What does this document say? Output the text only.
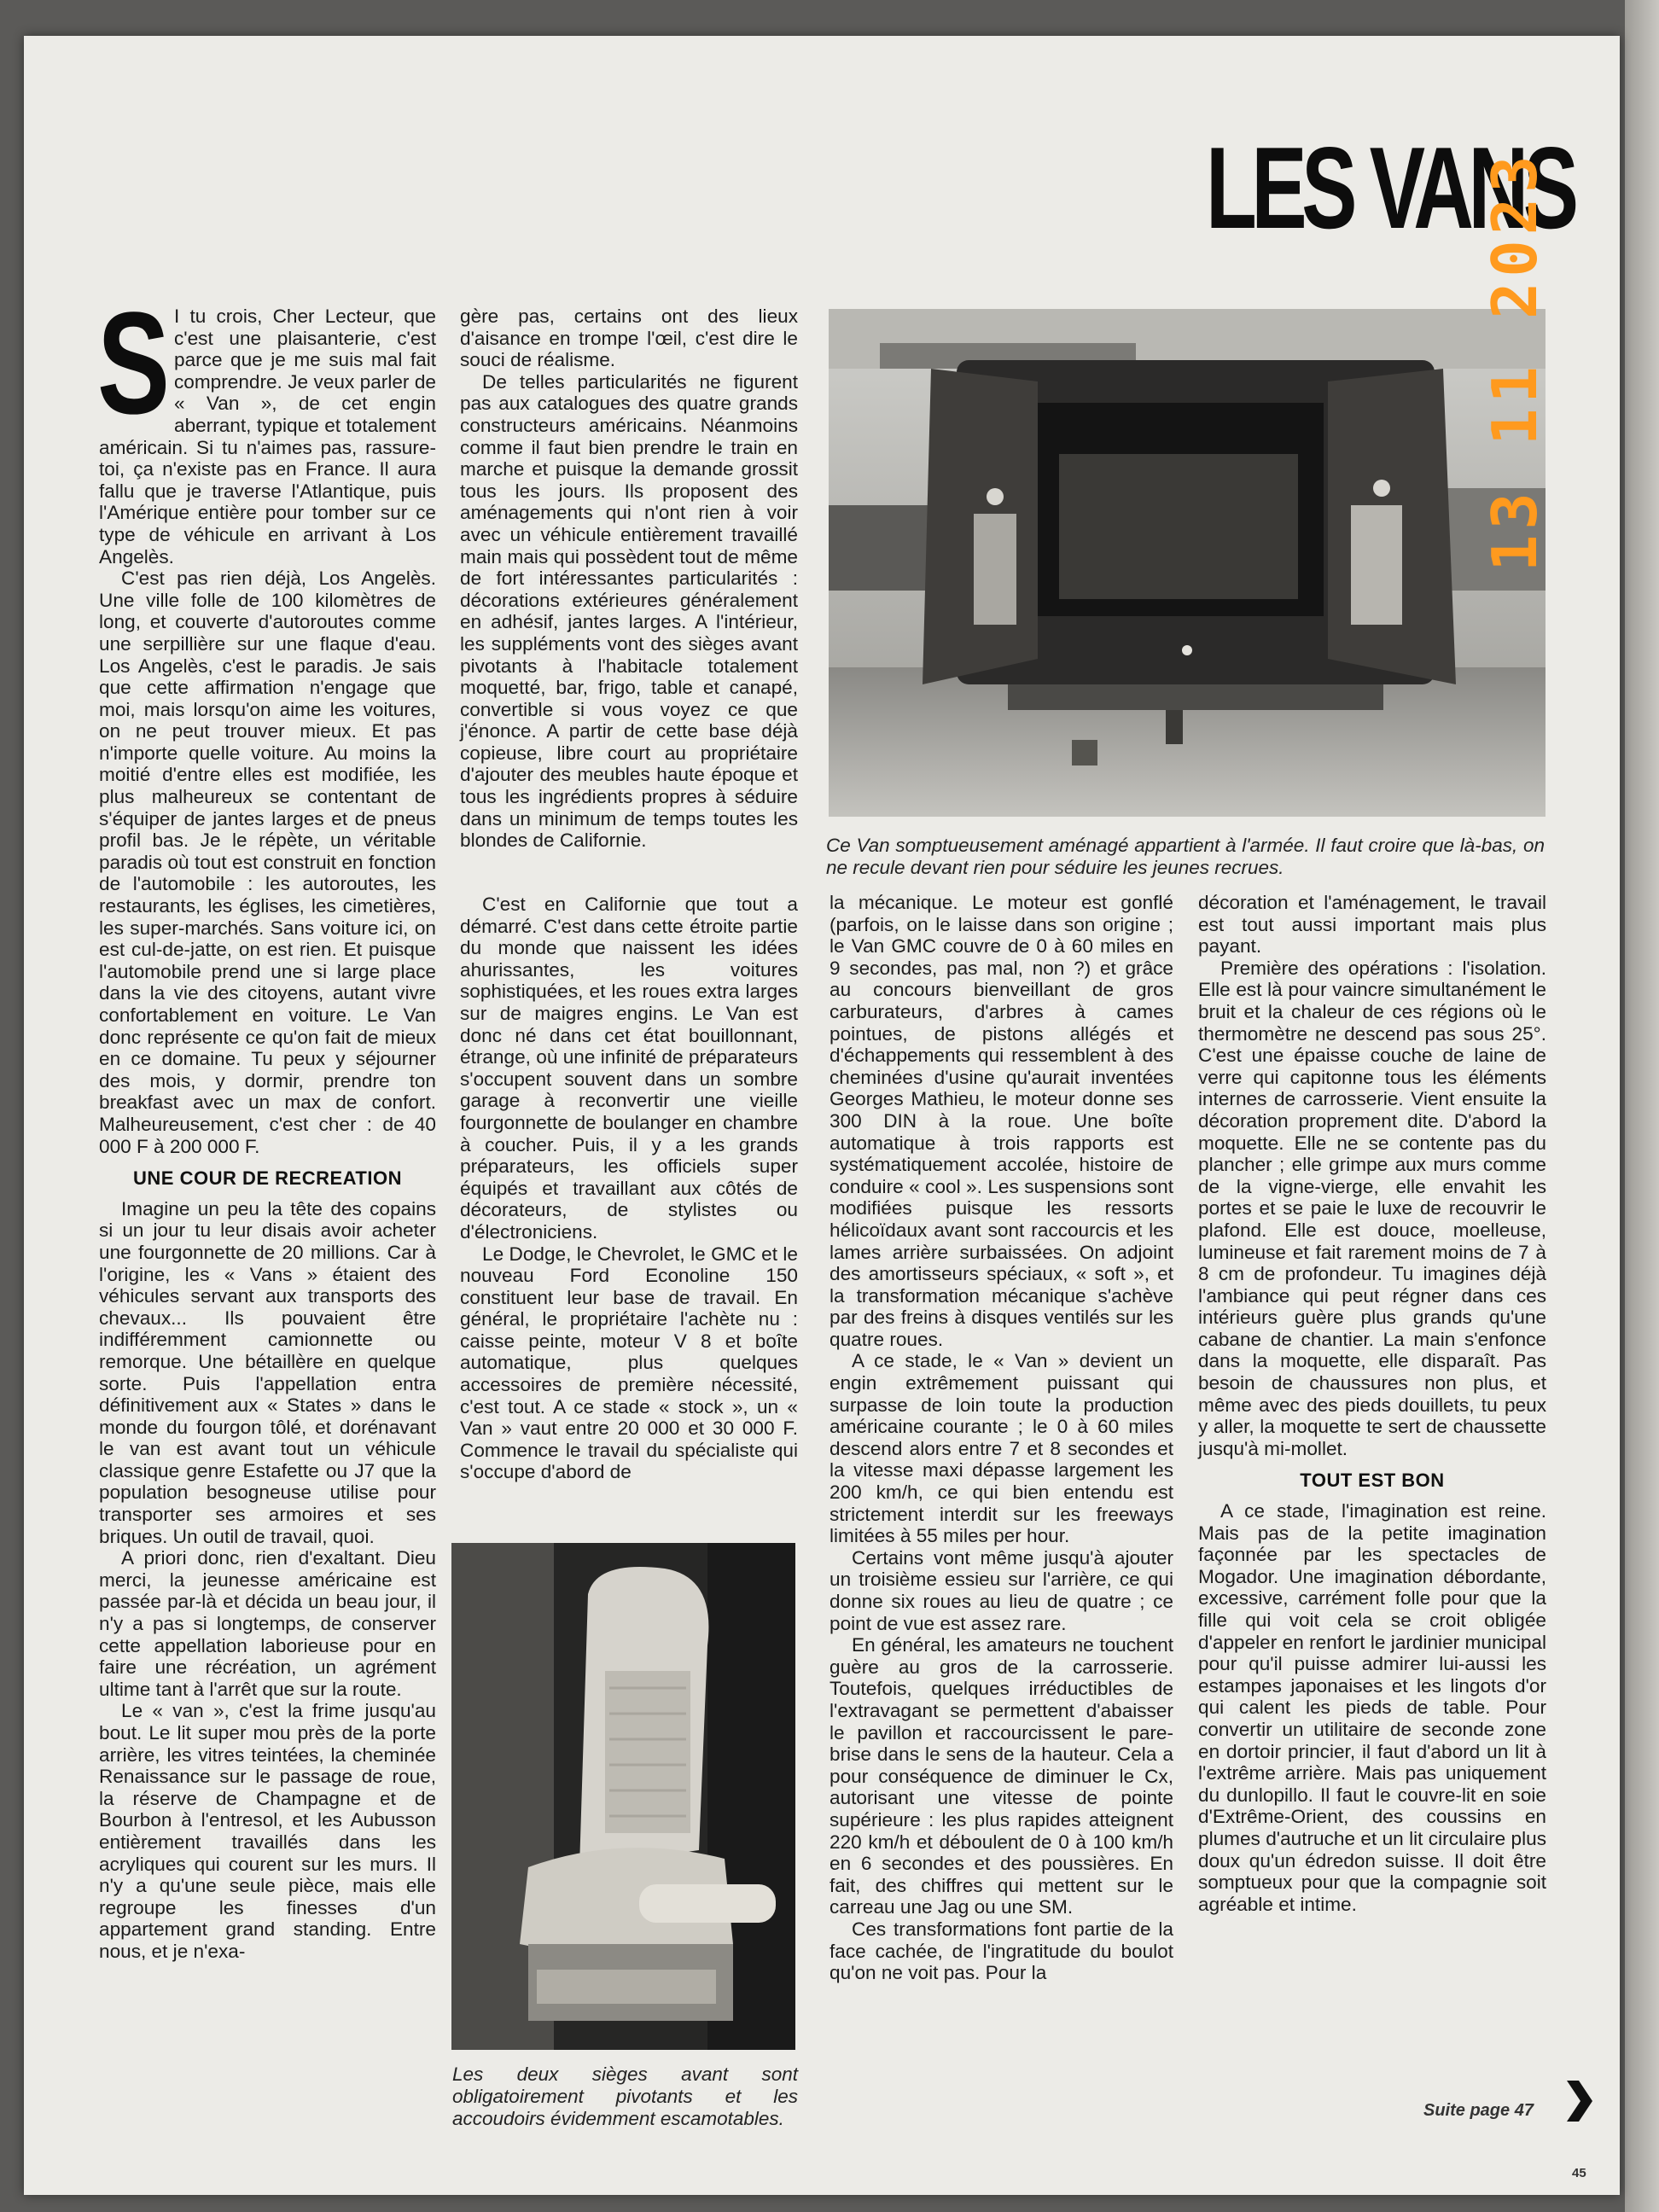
LES VANS
S I tu crois, Cher Lecteur, que c'est une plaisanterie, c'est parce que je me suis mal fait comprendre. Je veux parler de « Van », de cet engin aberrant, typique et totalement américain. Si tu n'aimes pas, rassure-toi, ça n'existe pas en France. Il aura fallu que je traverse l'Atlantique, puis l'Amérique entière pour tomber sur ce type de véhicule en arrivant à Los Angelès.

C'est pas rien déjà, Los Angelès. Une ville folle de 100 kilomètres de long, et couverte d'autoroutes comme une serpillière sur une flaque d'eau. Los Angelès, c'est le paradis. Je sais que cette affirmation n'engage que moi, mais lorsqu'on aime les voitures, on ne peut trouver mieux. Et pas n'importe quelle voiture. Au moins la moitié d'entre elles est modifiée, les plus malheureux se contentant de s'équiper de jantes larges et de pneus profil bas. Je le répète, un véritable paradis où tout est construit en fonction de l'automobile : les autoroutes, les restaurants, les églises, les cimetières, les super-marchés. Sans voiture ici, on est cul-de-jatte, on est rien. Et puisque l'automobile prend une si large place dans la vie des citoyens, autant vivre confortablement en voiture. Le Van donc représente ce qu'on fait de mieux en ce domaine. Tu peux y séjourner des mois, y dormir, prendre ton breakfast avec un max de confort. Malheureusement, c'est cher : de 40 000 F à 200 000 F.

UNE COUR DE RECREATION

Imagine un peu la tête des copains si un jour tu leur disais avoir acheter une fourgonnette de 20 millions. Car à l'origine, les « Vans » étaient des véhicules servant aux transports des chevaux... Ils pouvaient être indifféremment camionnette ou remorque. Une bétaillère en quelque sorte. Puis l'appellation entra définitivement aux « States » dans le monde du fourgon tôlé, et dorénavant le van est avant tout un véhicule classique genre Estafette ou J7 que la population besogneuse utilise pour transporter ses armoires et ses briques. Un outil de travail, quoi.

A priori donc, rien d'exaltant. Dieu merci, la jeunesse américaine est passée par-là et décida un beau jour, il n'y a pas si longtemps, de conserver cette appellation laborieuse pour en faire une récréation, un agrément ultime tant à l'arrêt que sur la route.

Le « van », c'est la frime jusqu'au bout. Le lit super mou près de la porte arrière, les vitres teintées, la cheminée Renaissance sur le passage de roue, la réserve de Champagne et de Bourbon à l'entresol, et les Aubusson entièrement travaillés dans les acryliques qui courent sur les murs. Il n'y a qu'une seule pièce, mais elle regroupe les finesses d'un appartement grand standing. Entre nous, et je n'exa-

gère pas, certains ont des lieux d'aisance en trompe l'œil, c'est dire le souci de réalisme.

De telles particularités ne figurent pas aux catalogues des quatre grands constructeurs américains. Néanmoins comme il faut bien prendre le train en marche et puisque la demande grossit tous les jours. Ils proposent des aménagements qui n'ont rien à voir avec un véhicule entièrement travaillé main mais qui possèdent tout de même de fort intéressantes particularités : décorations extérieures généralement en adhésif, jantes larges. A l'intérieur, les suppléments vont des sièges avant pivotants à l'habitacle totalement moquetté, bar, frigo, table et canapé, convertible si vous voyez ce que j'énonce. A partir de cette base déjà copieuse, libre court au propriétaire d'ajouter des meubles haute époque et tous les ingrédients propres à séduire dans un minimum de temps toutes les blondes de Californie.

C'est en Californie que tout a démarré. C'est dans cette étroite partie du monde que naissent les idées ahurissantes, les voitures sophistiquées, et les roues extra larges sur de maigres engins. Le Van est donc né dans cet état bouillonnant, étrange, où une infinité de préparateurs s'occupent souvent dans un sombre garage à reconvertir une vieille fourgonnette de boulanger en chambre à coucher. Puis, il y a les grands préparateurs, les officiels super équipés et travaillant aux côtés de décorateurs, de stylistes ou d'électroniciens.

Le Dodge, le Chevrolet, le GMC et le nouveau Ford Econoline 150 constituent leur base de travail. En général, le propriétaire l'achète nu : caisse peinte, moteur V 8 et boîte automatique, plus quelques accessoires de première nécessité, c'est tout. A ce stade « stock », un « Van » vaut entre 20 000 et 30 000 F. Commence le travail du spécialiste qui s'occupe d'abord de

Ce Van somptueusement aménagé appartient à l'armée. Il faut croire que là-bas, on ne recule devant rien pour séduire les jeunes recrues.

la mécanique. Le moteur est gonflé (parfois, on le laisse dans son origine ; le Van GMC couvre de 0 à 60 miles en 9 secondes, pas mal, non ?) et grâce au concours bienveillant de gros carburateurs, d'arbres à cames pointues, de pistons allégés et d'échappements qui ressemblent à des cheminées d'usine qu'aurait inventées Georges Mathieu, le moteur donne ses 300 DIN à la roue. Une boîte automatique à trois rapports est systématiquement accolée, histoire de conduire « cool ». Les suspensions sont modifiées puisque les ressorts hélicoïdaux avant sont raccourcis et les lames arrière surbaissées. On adjoint des amortisseurs spéciaux, « soft », et la transformation mécanique s'achève par des freins à disques ventilés sur les quatre roues.

A ce stade, le « Van » devient un engin extrêmement puissant qui surpasse de loin toute la production américaine courante ; le 0 à 60 miles descend alors entre 7 et 8 secondes et la vitesse maxi dépasse largement les 200 km/h, ce qui bien entendu est strictement interdit sur les freeways limitées à 55 miles per hour.

Certains vont même jusqu'à ajouter un troisième essieu sur l'arrière, ce qui donne six roues au lieu de quatre ; ce point de vue est assez rare.

En général, les amateurs ne touchent guère au gros de la carrosserie. Toutefois, quelques irréductibles de l'extravagant se permettent d'abaisser le pavillon et raccourcissent le pare-brise dans le sens de la hauteur. Cela a pour conséquence de diminuer le Cx, autorisant une vitesse de pointe supérieure : les plus rapides atteignent 220 km/h et déboulent de 0 à 100 km/h en 6 secondes et des poussières. En fait, des chiffres qui mettent sur le carreau une Jag ou une SM.

Ces transformations font partie de la face cachée, de l'ingratitude du boulot qu'on ne voit pas. Pour la

décoration et l'aménagement, le travail est tout aussi important mais plus payant.

Première des opérations : l'isolation. Elle est là pour vaincre simultanément le bruit et la chaleur de ces régions où le thermomètre ne descend pas sous 25°. C'est une épaisse couche de laine de verre qui capitonne tous les éléments internes de carrosserie. Vient ensuite la décoration proprement dite. D'abord la moquette. Elle ne se contente pas du plancher ; elle grimpe aux murs comme de la vigne-vierge, elle envahit les portes et se paie le luxe de recouvrir le plafond. Elle est douce, moelleuse, lumineuse et fait rarement moins de 7 à 8 cm de profondeur. Tu imagines déjà l'ambiance qui peut régner dans ces intérieurs guère plus grands qu'une cabane de chantier. La main s'enfonce dans la moquette, elle disparaît. Pas besoin de chaussures non plus, et même avec des pieds douillets, tu peux y aller, la moquette te sert de chaussette jusqu'à mi-mollet.

TOUT EST BON

A ce stade, l'imagination est reine. Mais pas de la petite imagination façonnée par les spectacles de Mogador. Une imagination débordante, excessive, carrément folle pour que la fille qui voit cela se croit obligée d'appeler en renfort le jardinier municipal pour qu'il puisse admirer lui-aussi les estampes japonaises et les lingots d'or qui calent les pieds de table. Pour convertir un utilitaire de seconde zone en dortoir princier, il faut d'abord un lit à l'extrême arrière. Mais pas uniquement du dunlopillo. Il faut le couvre-lit en soie d'Extrême-Orient, des coussins en plumes d'autruche et un lit circulaire plus doux qu'un édredon suisse. Il doit être somptueux pour que la compagnie soit agréable et intime.

Les deux sièges avant sont obligatoirement pivotants et les accoudoirs évidemment escamotables.	Suite page 47
45
13 11 2023
